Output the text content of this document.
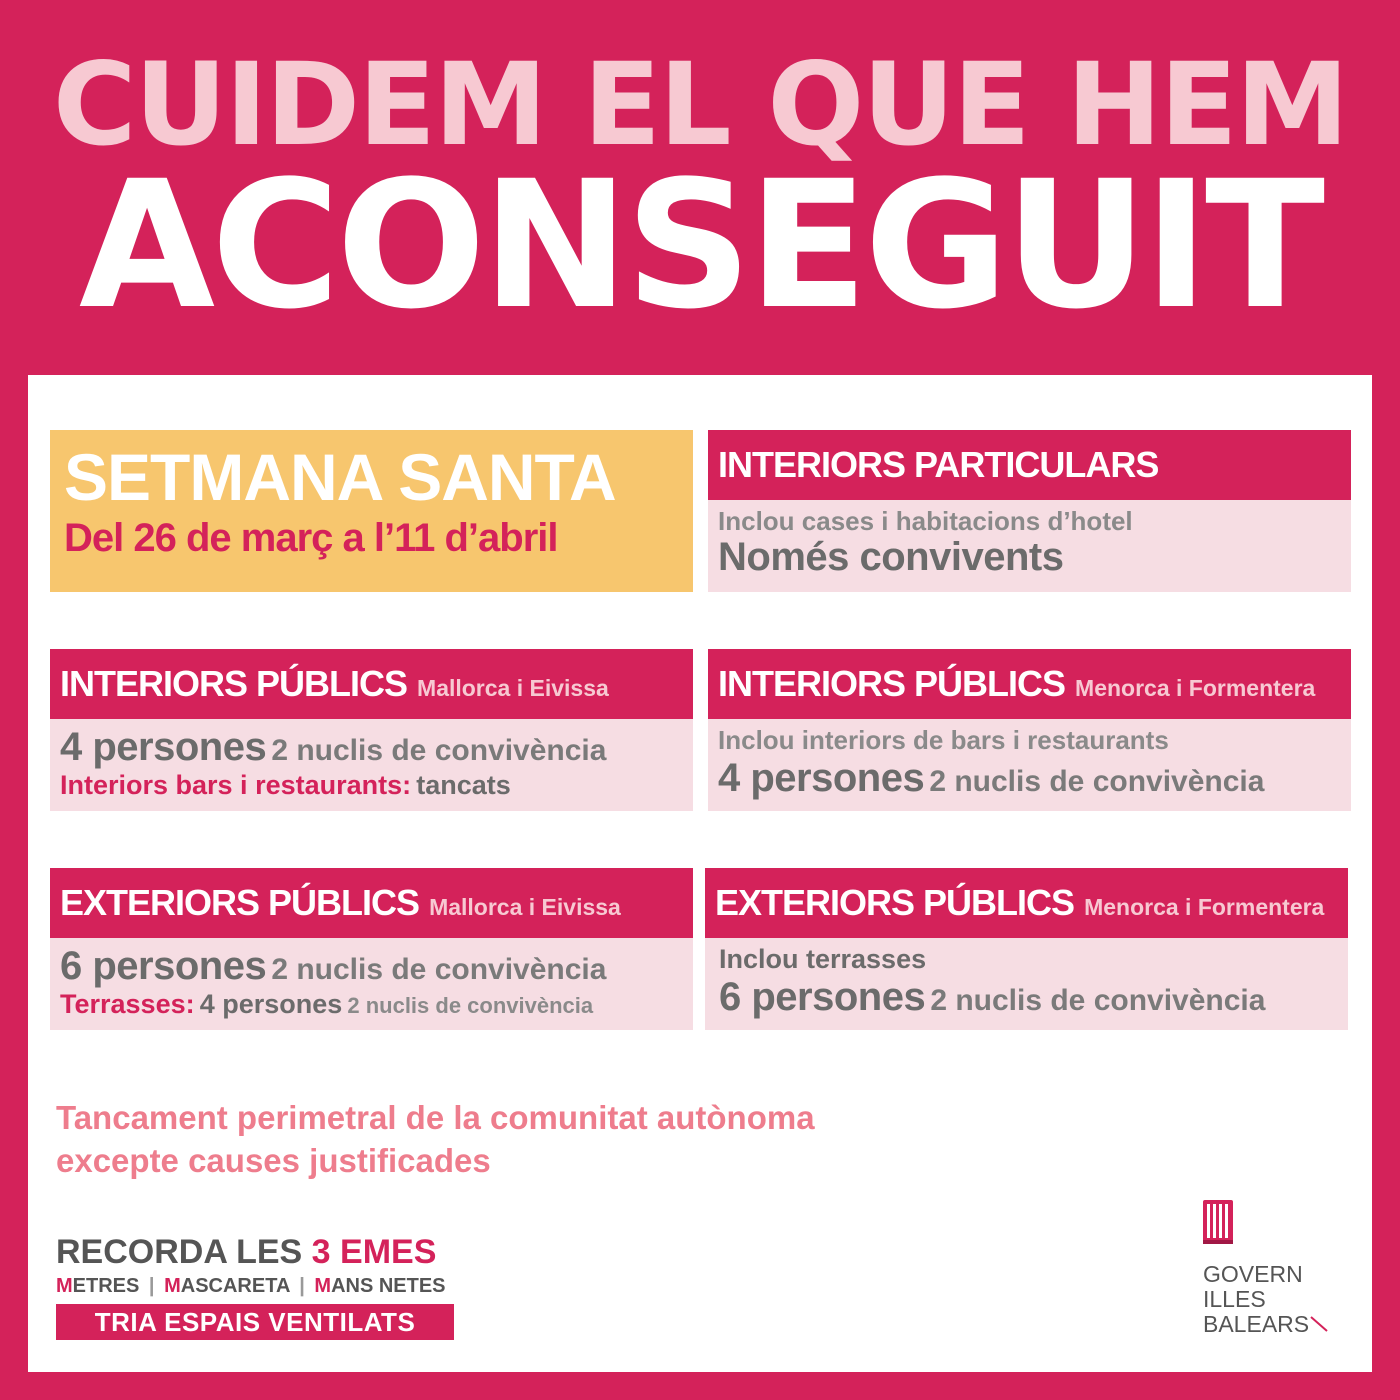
CUIDEM EL QUE HEM
ACONSEGUIT
SETMANA SANTA
Del 26 de març a l’11 d’abril
INTERIORS PARTICULARS
Inclou cases i habitacions d’hotel
Només convivents
INTERIORS PÚBLICS Mallorca i Eivissa
4 persones 2 nuclis de convivència
Interiors bars i restaurants: tancats
INTERIORS PÚBLICS Menorca i Formentera
Inclou interiors de bars i restaurants
4 persones 2 nuclis de convivència
EXTERIORS PÚBLICS Mallorca i Eivissa
6 persones 2 nuclis de convivència
Terrasses: 4 persones 2 nuclis de convivència
EXTERIORS PÚBLICS Menorca i Formentera
Inclou terrasses
6 persones 2 nuclis de convivència
Tancament perimetral de la comunitat autònoma
excepte causes justificades
RECORDA LES 3 EMES
METRES | MASCARETA | MANS NETES
TRIA ESPAIS VENTILATS
GOVERN
ILLES
BALEARS
